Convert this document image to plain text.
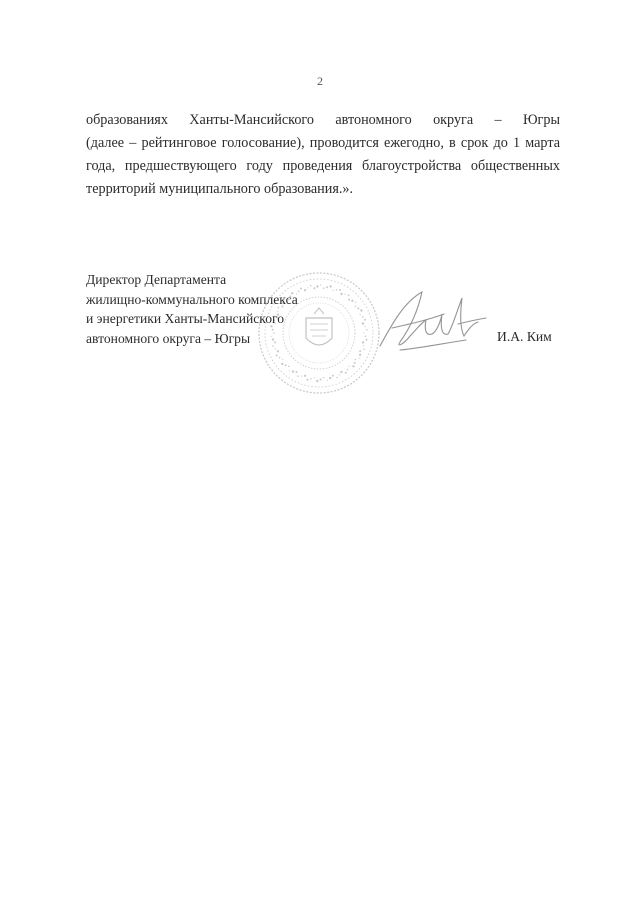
2
образованиях Ханты-Мансийского автономного округа – Югры
(далее – рейтинговое голосование), проводится ежегодно, в срок до 1 марта
года, предшествующего году проведения благоустройства общественных
территорий муниципального образования.».
Директор Департамента
жилищно-коммунального комплекса
и энергетики Ханты-Мансийского
автономного округа – Югры	И.А. Ким
